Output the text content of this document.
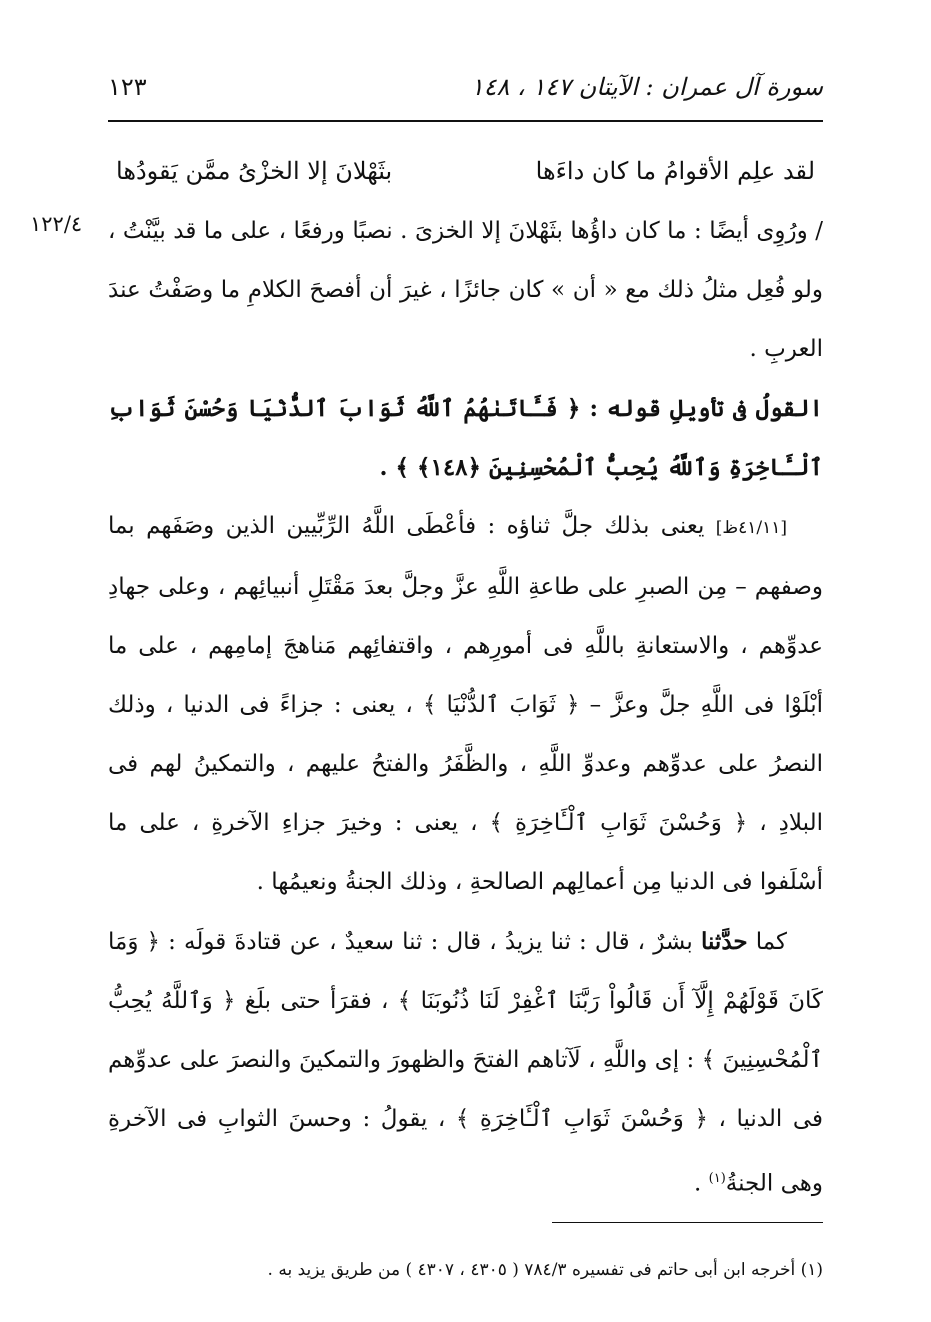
سورة آل عمران : الآيتان ١٤٧ ، ١٤٨
١٢٣
١٢٢/٤
لقد علِم الأقوامُ ما كان داءَها
بثَهْلانَ إلا الخزْىُ ممَّن يَقودُها

/ ورُوِى أيضًا : ما كان داؤُها بثَهْلانَ إلا الخزىَ . نصبًا ورفعًا ، على ما قد بيَّنْتُ ، ولو فُعِل مثلُ ذلك مع « أن » كان جائزًا ، غيرَ أن أفصحَ الكلامِ ما وصَفْتُ عندَ العربِ .

القولُ فى تأويلِ قوله : ﴿ فَـَٔاتَىٰهُمُ ٱللَّهُ ثَوَابَ ٱلدُّنْيَا وَحُسْنَ ثَوَابِ ٱلْـَٔاخِرَةِ وَٱللَّهُ يُحِبُّ ٱلْمُحْسِنِينَ ﴿١٤٨﴾ ﴾ .

[٤١/١١ظ] يعنى بذلك جلَّ ثناؤه : فأعْطَى اللَّهُ الرِّبِّيين الذين وصَفَهم بما وصفهم – مِن الصبرِ على طاعةِ اللَّهِ عزَّ وجلَّ بعدَ مَقْتَلِ أنبيائِهم ، وعلى جهادِ عدوِّهم ، والاستعانةِ باللَّهِ فى أمورِهم ، واقتفائِهم مَناهجَ إمامِهم ، على ما أبْلَوْا فى اللَّهِ جلَّ وعزَّ – ﴿ ثَوَابَ ٱلدُّنْيَا ﴾ ، يعنى : جزاءً فى الدنيا ، وذلك النصرُ على عدوِّهم وعدوِّ اللَّهِ ، والظَّفَرُ والفتحُ عليهم ، والتمكينُ لهم فى البلادِ ، ﴿ وَحُسْنَ ثَوَابِ ٱلْـَٔاخِرَةِ ﴾ ، يعنى : وخيرَ جزاءِ الآخرةِ ، على ما أسْلَفوا فى الدنيا مِن أعمالِهم الصالحةِ ، وذلك الجنةُ ونعيمُها .

كما حدَّثنا بشرٌ ، قال : ثنا يزيدُ ، قال : ثنا سعيدٌ ، عن قتادةَ قولَه : ﴿ وَمَا كَانَ قَوْلَهُمْ إِلَّآ أَن قَالُواْ رَبَّنَا ٱغْفِرْ لَنَا ذُنُوبَنَا ﴾ ، فقرَأ حتى بلَغ ﴿ وَٱللَّهُ يُحِبُّ ٱلْمُحْسِنِينَ ﴾ : إى واللَّهِ ، لَآتاهم الفتحَ والظهورَ والتمكينَ والنصرَ على عدوِّهم فى الدنيا ، ﴿ وَحُسْنَ ثَوَابِ ٱلْـَٔاخِرَةِ ﴾ ، يقولُ : وحسنَ الثوابِ فى الآخرةِ وهى الجنةُ$^{(١)}$ .

(١) أخرجه ابن أبى حاتم فى تفسيره ٧٨٤/٣ ( ٤٣٠٥ ، ٤٣٠٧ ) من طريق يزيد به .
